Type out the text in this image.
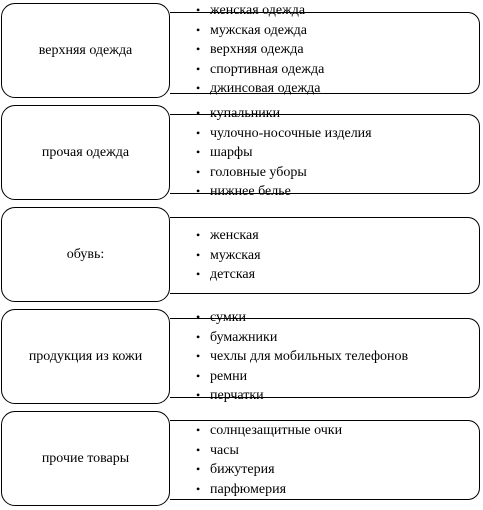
верхняя одежда
• женская одежда
• мужская одежда
• верхняя одежда
• спортивная одежда
• джинсовая одежда
прочая одежда
• купальники
• чулочно-носочные изделия
• шарфы
• головные уборы
• нижнее белье
обувь:
• женская
• мужская
• детская
продукция из кожи
• сумки
• бумажники
• чехлы для мобильных телефонов
• ремни
• перчатки
прочие товары
• солнцезащитные очки
• часы
• бижутерия
• парфюмерия
